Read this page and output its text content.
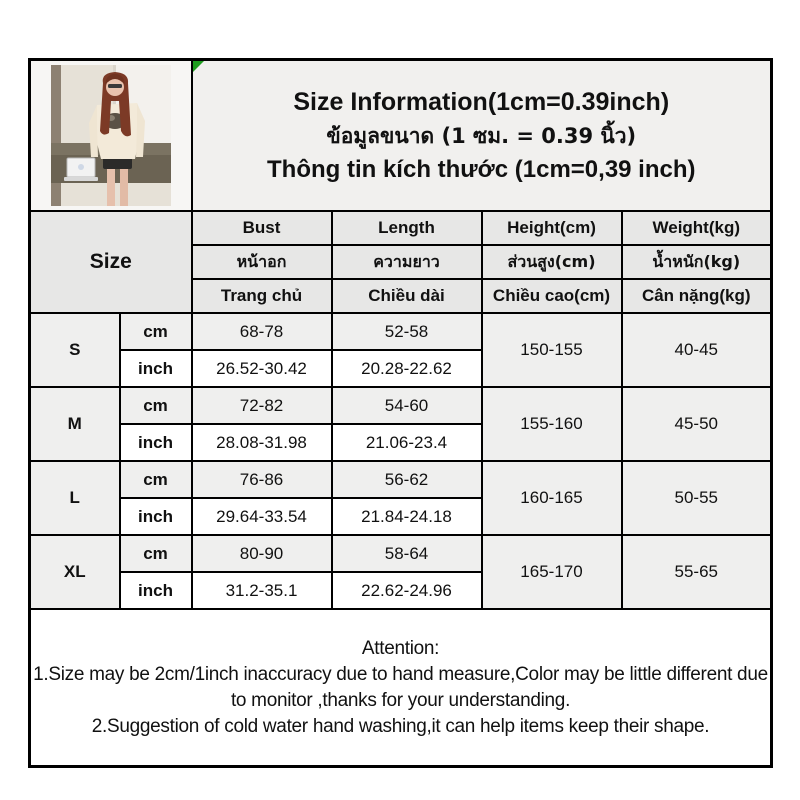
Size Information(1cm=0.39inch)
ข้อมูลขนาด (1 ซม. = 0.39 นิ้ว)
Thông tin kích thước (1cm=0,39 inch)			

Size		Bust	Length	Height(cm)	Weight(kg)
		หน้าอก	ความยาว	ส่วนสูง(cm)	น้ำหนัก(kg)
		Trang chủ	Chiều dài	Chiều cao(cm)	Cân nặng(kg)
S	cm	68-78	52-58	150-155	40-45
	inch	26.52-30.42	20.28-22.62		
M	cm	72-82	54-60	155-160	45-50
	inch	28.08-31.98	21.06-23.4		
L	cm	76-86	56-62	160-165	50-55
	inch	29.64-33.54	21.84-24.18		
XL	cm	80-90	58-64	165-170	55-65
	inch	31.2-35.1	22.62-24.96		

Attention:
1.Size may be 2cm/1inch inaccuracy due to hand measure,Color may be little different due to monitor ,thanks for your understanding.
2.Suggestion of cold water hand washing,it can help items keep their shape.					
